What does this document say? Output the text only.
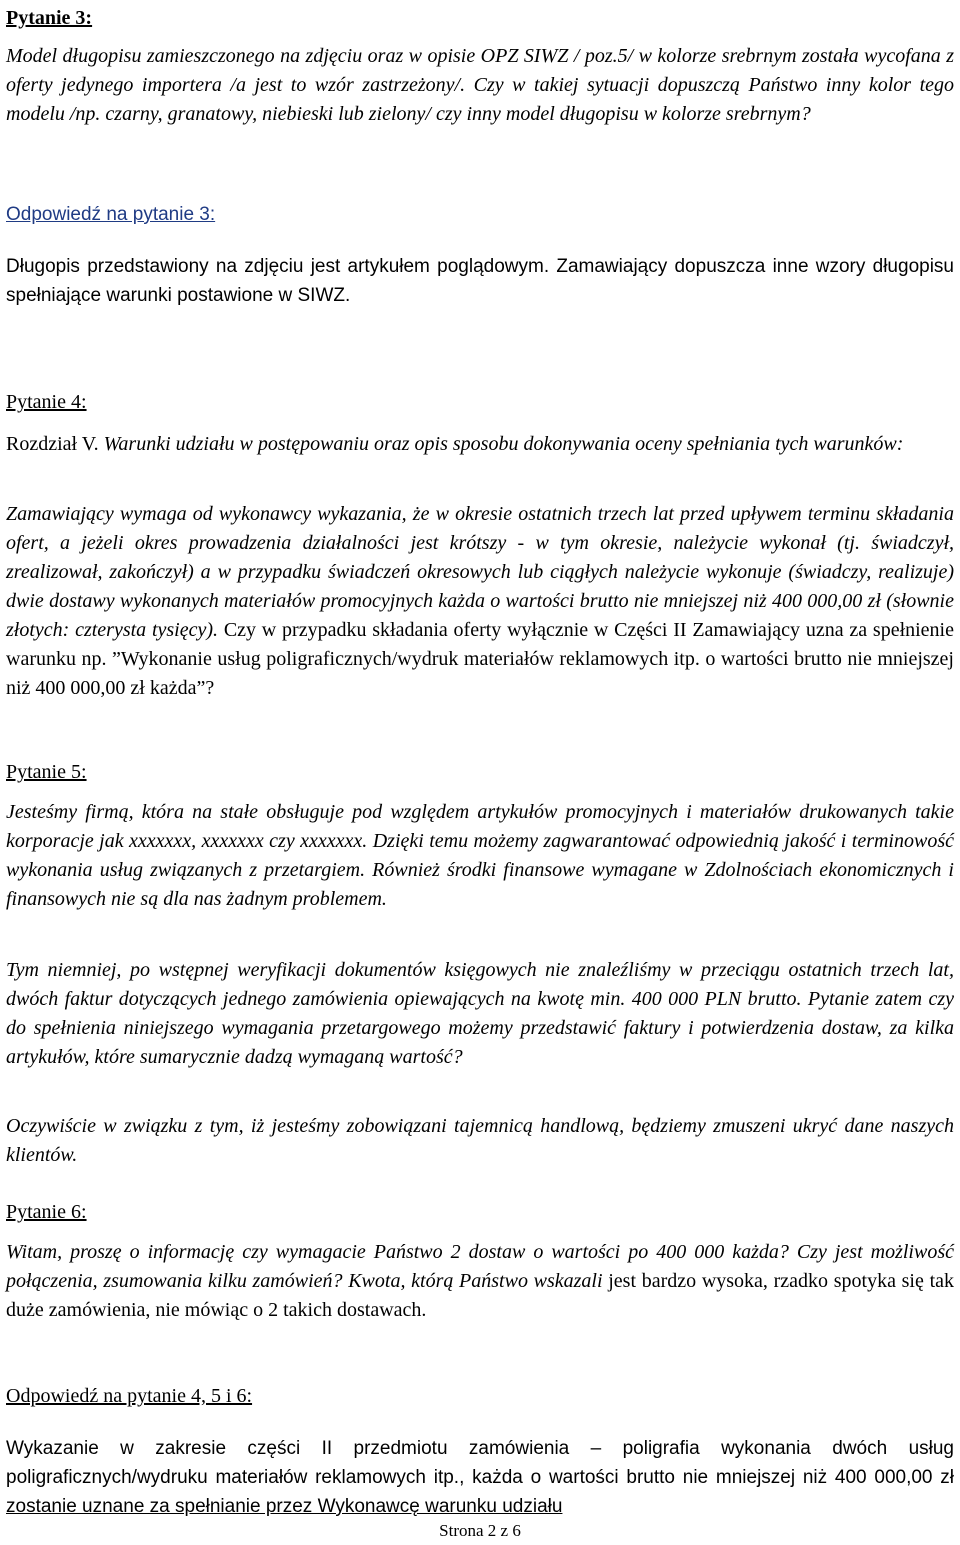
Pytanie 3:

Model długopisu zamieszczonego na zdjęciu oraz w opisie OPZ SIWZ / poz.5/ w kolorze srebrnym została wycofana z oferty jedynego importera /a jest to wzór zastrzeżony/. Czy w takiej sytuacji dopuszczą Państwo inny kolor tego modelu /np. czarny, granatowy, niebieski lub zielony/ czy inny model długopisu w kolorze srebrnym?

Odpowiedź na pytanie 3:

Długopis przedstawiony na zdjęciu jest artykułem poglądowym. Zamawiający dopuszcza inne wzory długopisu spełniające warunki postawione w SIWZ.

Pytanie 4:

Rozdział V. Warunki udziału w postępowaniu oraz opis sposobu dokonywania oceny spełniania tych warunków:

Zamawiający wymaga od wykonawcy wykazania, że w okresie ostatnich trzech lat przed upływem terminu składania ofert, a jeżeli okres prowadzenia działalności jest krótszy - w tym okresie, należycie wykonał (tj. świadczył, zrealizował, zakończył) a w przypadku świadczeń okresowych lub ciągłych należycie wykonuje (świadczy, realizuje) dwie dostawy wykonanych materiałów promocyjnych każda o wartości brutto nie mniejszej niż 400 000,00 zł (słownie złotych: czterysta tysięcy). Czy w przypadku składania oferty wyłącznie w Części II Zamawiający uzna za spełnienie warunku np. ”Wykonanie usług poligraficznych/wydruk materiałów reklamowych itp. o wartości brutto nie mniejszej niż 400 000,00 zł każda”?

Pytanie 5:

Jesteśmy firmą, która na stałe obsługuje pod względem artykułów promocyjnych i materiałów drukowanych takie korporacje jak xxxxxxx, xxxxxxx czy xxxxxxx. Dzięki temu możemy zagwarantować odpowiednią jakość i terminowość wykonania usług związanych z przetargiem. Również środki finansowe wymagane w Zdolnościach ekonomicznych i finansowych nie są dla nas żadnym problemem.

Tym niemniej, po wstępnej weryfikacji dokumentów księgowych nie znaleźliśmy w przeciągu ostatnich trzech lat, dwóch faktur dotyczących jednego zamówienia opiewających na kwotę min. 400 000 PLN brutto. Pytanie zatem czy do spełnienia niniejszego wymagania przetargowego możemy przedstawić faktury i potwierdzenia dostaw, za kilka artykułów, które sumarycznie dadzą wymaganą wartość?

Oczywiście w związku z tym, iż jesteśmy zobowiązani tajemnicą handlową, będziemy zmuszeni ukryć dane naszych klientów.

Pytanie 6:

Witam, proszę o informację czy wymagacie Państwo 2 dostaw o wartości po 400 000 każda? Czy jest możliwość połączenia, zsumowania kilku zamówień? Kwota, którą Państwo wskazali jest bardzo wysoka, rzadko spotyka się tak duże zamówienia, nie mówiąc o 2 takich dostawach.

Odpowiedź na pytanie 4, 5 i 6:

Wykazanie w zakresie części II przedmiotu zamówienia – poligrafia wykonania dwóch usług poligraficznych/wydruku materiałów reklamowych itp., każda o wartości brutto nie mniejszej niż 400 000,00 zł zostanie uznane za spełnianie przez Wykonawcę warunku udziału

Strona 2 z 6
